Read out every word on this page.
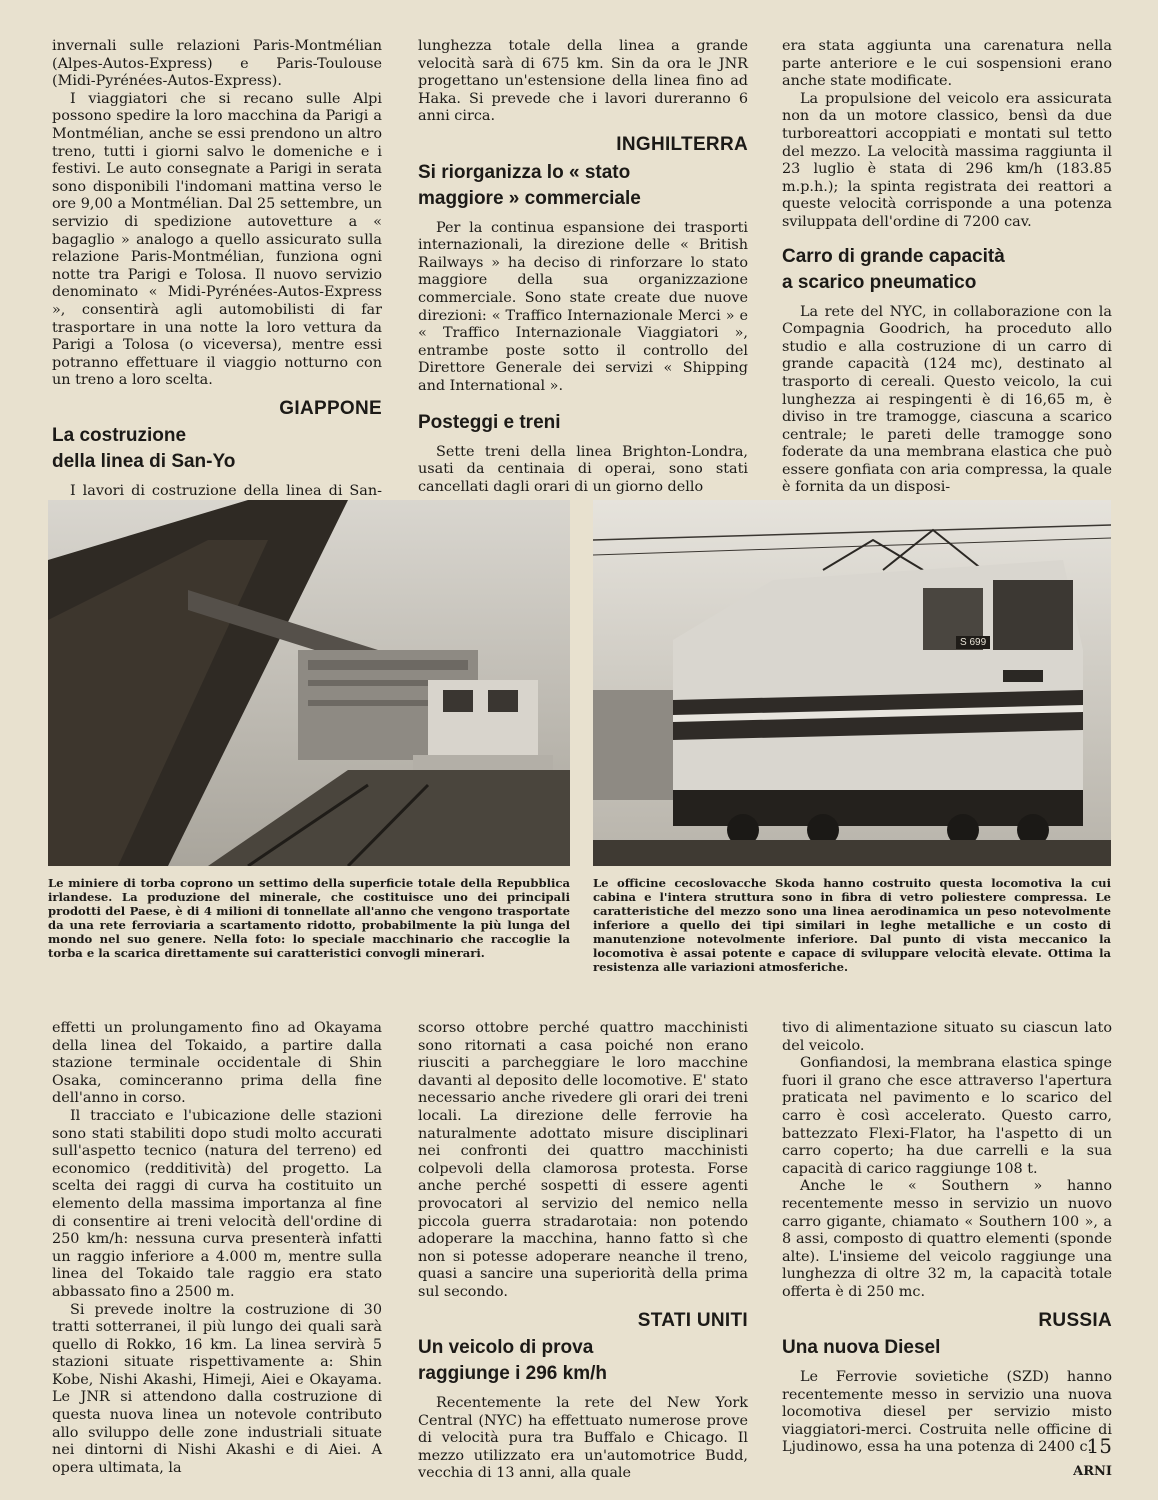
invernali sulle relazioni Paris-Montmélian (Alpes-Autos-Express) e Paris-Toulouse (Midi-Pyrénées-Autos-Express).

I viaggiatori che si recano sulle Alpi possono spedire la loro macchina da Parigi a Montmélian, anche se essi prendono un altro treno, tutti i giorni salvo le domeniche e i festivi. Le auto consegnate a Parigi in serata sono disponibili l'indomani mattina verso le ore 9,00 a Montmélian. Dal 25 settembre, un servizio di spedizione autovetture a « bagaglio » analogo a quello assicurato sulla relazione Paris-Montmélian, funziona ogni notte tra Parigi e Tolosa. Il nuovo servizio denominato « Midi-Pyrénées-Autos-Express », consentirà agli automobilisti di far trasportare in una notte la loro vettura da Parigi a Tolosa (o viceversa), mentre essi potranno effettuare il viaggio notturno con un treno a loro scelta.

GIAPPONE
La costruzione
della linea di San-Yo

I lavori di costruzione della linea di San-

lunghezza totale della linea a grande velocità sarà di 675 km. Sin da ora le JNR progettano un'estensione della linea fino ad Haka. Si prevede che i lavori dureranno 6 anni circa.

INGHILTERRA
Si riorganizza lo « stato
maggiore » commerciale

Per la continua espansione dei trasporti internazionali, la direzione delle « British Railways » ha deciso di rinforzare lo stato maggiore della sua organizzazione commerciale. Sono state create due nuove direzioni: « Traffico Internazionale Merci » e « Traffico Internazionale Viaggiatori », entrambe poste sotto il controllo del Direttore Generale dei servizi « Shipping and International ».

Posteggi e treni

Sette treni della linea Brighton-Londra, usati da centinaia di operai, sono stati cancellati dagli orari di un giorno dello

era stata aggiunta una carenatura nella parte anteriore e le cui sospensioni erano anche state modificate.

La propulsione del veicolo era assicurata non da un motore classico, bensì da due turboreattori accoppiati e montati sul tetto del mezzo. La velocità massima raggiunta il 23 luglio è stata di 296 km/h (183.85 m.p.h.); la spinta registrata dei reattori a queste velocità corrisponde a una potenza sviluppata dell'ordine di 7200 cav.

Carro di grande capacità
a scarico pneumatico

La rete del NYC, in collaborazione con la Compagnia Goodrich, ha proceduto allo studio e alla costruzione di un carro di grande capacità (124 mc), destinato al trasporto di cereali. Questo veicolo, la cui lunghezza ai respingenti è di 16,65 m, è diviso in tre tramogge, ciascuna a scarico centrale; le pareti delle tramogge sono foderate da una membrana elastica che può essere gonfiata con aria compressa, la quale è fornita da un disposi-

S 699
Le miniere di torba coprono un settimo della superficie totale della Repubblica irlandese. La produzione del minerale, che costituisce uno dei principali prodotti del Paese, è di 4 milioni di tonnellate all'anno che vengono trasportate da una rete ferroviaria a scartamento ridotto, probabilmente la più lunga del mondo nel suo genere. Nella foto: lo speciale macchinario che raccoglie la torba e la scarica direttamente sui caratteristici convogli minerari.
Le officine cecoslovacche Skoda hanno costruito questa locomotiva la cui cabina e l'intera struttura sono in fibra di vetro poliestere compressa. Le caratteristiche del mezzo sono una linea aerodinamica un peso notevolmente inferiore a quello dei tipi similari in leghe metalliche e un costo di manutenzione notevolmente inferiore. Dal punto di vista meccanico la locomotiva è assai potente e capace di sviluppare velocità elevate. Ottima la resistenza alle variazioni atmosferiche.

effetti un prolungamento fino ad Okayama della linea del Tokaido, a partire dalla stazione terminale occidentale di Shin Osaka, cominceranno prima della fine dell'anno in corso.

Il tracciato e l'ubicazione delle stazioni sono stati stabiliti dopo studi molto accurati sull'aspetto tecnico (natura del terreno) ed economico (redditività) del progetto. La scelta dei raggi di curva ha costituito un elemento della massima importanza al fine di consentire ai treni velocità dell'ordine di 250 km/h: nessuna curva presenterà infatti un raggio inferiore a 4.000 m, mentre sulla linea del Tokaido tale raggio era stato abbassato fino a 2500 m.

Si prevede inoltre la costruzione di 30 tratti sotterranei, il più lungo dei quali sarà quello di Rokko, 16 km. La linea servirà 5 stazioni situate rispettivamente a: Shin Kobe, Nishi Akashi, Himeji, Aiei e Okayama. Le JNR si attendono dalla costruzione di questa nuova linea un notevole contributo allo sviluppo delle zone industriali situate nei dintorni di Nishi Akashi e di Aiei. A opera ultimata, la

scorso ottobre perché quattro macchinisti sono ritornati a casa poiché non erano riusciti a parcheggiare le loro macchine davanti al deposito delle locomotive. E' stato necessario anche rivedere gli orari dei treni locali. La direzione delle ferrovie ha naturalmente adottato misure disciplinari nei confronti dei quattro macchinisti colpevoli della clamorosa protesta. Forse anche perché sospetti di essere agenti provocatori al servizio del nemico nella piccola guerra stradarotaia: non potendo adoperare la macchina, hanno fatto sì che non si potesse adoperare neanche il treno, quasi a sancire una superiorità della prima sul secondo.

STATI UNITI
Un veicolo di prova
raggiunge i 296 km/h

Recentemente la rete del New York Central (NYC) ha effettuato numerose prove di velocità pura tra Buffalo e Chicago. Il mezzo utilizzato era un'automotrice Budd, vecchia di 13 anni, alla quale

tivo di alimentazione situato su ciascun lato del veicolo.

Gonfiandosi, la membrana elastica spinge fuori il grano che esce attraverso l'apertura praticata nel pavimento e lo scarico del carro è così accelerato. Questo carro, battezzato Flexi-Flator, ha l'aspetto di un carro coperto; ha due carrelli e la sua capacità di carico raggiunge 108 t.

Anche le « Southern » hanno recentemente messo in servizio un nuovo carro gigante, chiamato « Southern 100 », a 8 assi, composto di quattro elementi (sponde alte). L'insieme del veicolo raggiunge una lunghezza di oltre 32 m, la capacità totale offerta è di 250 mc.

RUSSIA
Una nuova Diesel

Le Ferrovie sovietiche (SZD) hanno recentemente messo in servizio una nuova locomotiva diesel per servizio misto viaggiatori-merci. Costruita nelle officine di Ljudinowo, essa ha una potenza di 2400 c.

ARNI
15
